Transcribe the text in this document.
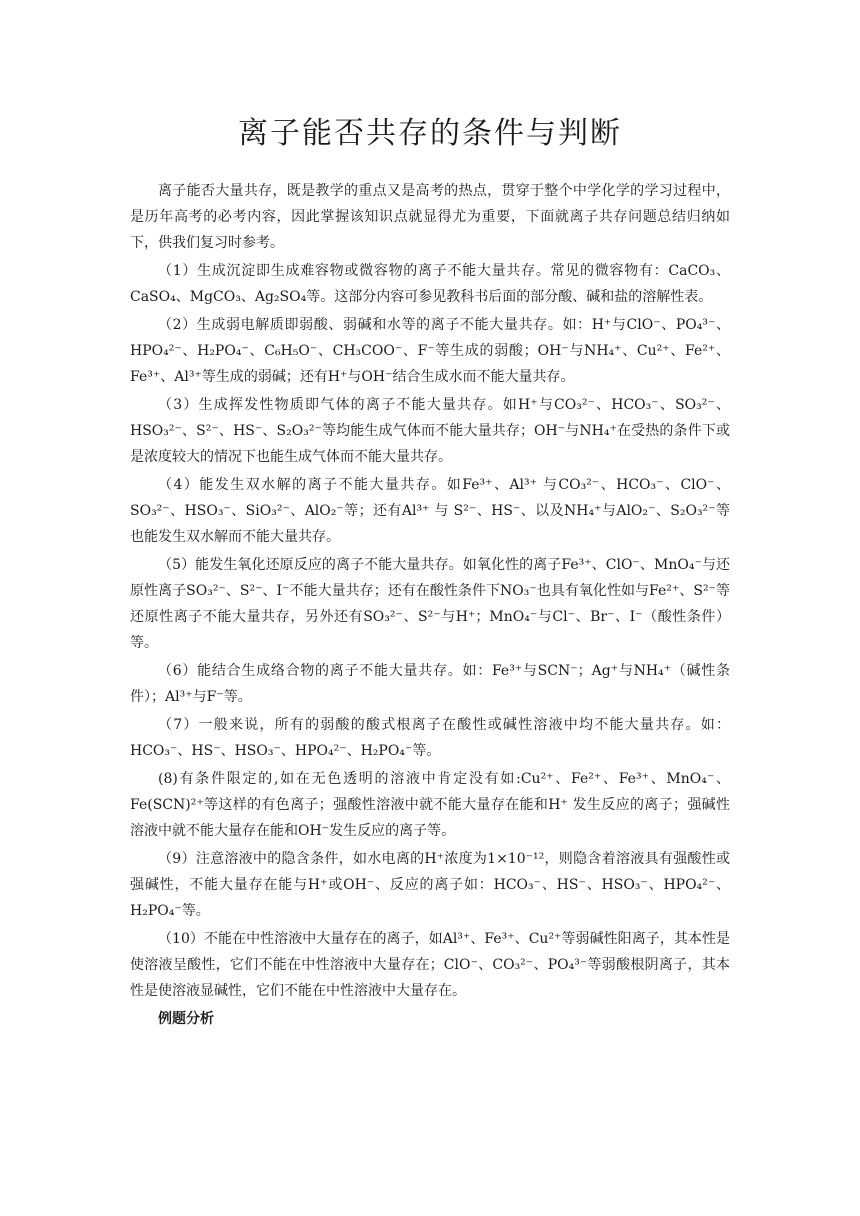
离子能否共存的条件与判断

离子能否大量共存，既是教学的重点又是高考的热点，贯穿于整个中学化学的学习过程中，是历年高考的必考内容，因此掌握该知识点就显得尤为重要，下面就离子共存问题总结归纳如下，供我们复习时参考。

（1）生成沉淀即生成难容物或微容物的离子不能大量共存。常见的微容物有：CaCO₃、CaSO₄、MgCO₃、Ag₂SO₄等。这部分内容可参见教科书后面的部分酸、碱和盐的溶解性表。

（2）生成弱电解质即弱酸、弱碱和水等的离子不能大量共存。如：H⁺与ClO⁻、PO₄³⁻、HPO₄²⁻、H₂PO₄⁻、C₆H₅O⁻、CH₃COO⁻、F⁻等生成的弱酸；OH⁻与NH₄⁺、Cu²⁺、Fe²⁺、Fe³⁺、Al³⁺等生成的弱碱；还有H⁺与OH⁻结合生成水而不能大量共存。

（3）生成挥发性物质即气体的离子不能大量共存。如H⁺与CO₃²⁻、HCO₃⁻、SO₃²⁻、HSO₃²⁻、S²⁻、HS⁻、S₂O₃²⁻等均能生成气体而不能大量共存；OH⁻与NH₄⁺在受热的条件下或是浓度较大的情况下也能生成气体而不能大量共存。

（4）能发生双水解的离子不能大量共存。如Fe³⁺、Al³⁺ 与CO₃²⁻、HCO₃⁻、ClO⁻、SO₃²⁻、HSO₃⁻、SiO₃²⁻、AlO₂⁻等；还有Al³⁺ 与 S²⁻、HS⁻、以及NH₄⁺与AlO₂⁻、S₂O₃²⁻等也能发生双水解而不能大量共存。

（5）能发生氧化还原反应的离子不能大量共存。如氧化性的离子Fe³⁺、ClO⁻、MnO₄⁻与还原性离子SO₃²⁻、S²⁻、I⁻不能大量共存；还有在酸性条件下NO₃⁻也具有氧化性如与Fe²⁺、S²⁻等还原性离子不能大量共存，另外还有SO₃²⁻、S²⁻与H⁺；MnO₄⁻与Cl⁻、Br⁻、I⁻（酸性条件）等。

（6）能结合生成络合物的离子不能大量共存。如：Fe³⁺与SCN⁻；Ag⁺与NH₄⁺（碱性条件）；Al³⁺与F⁻等。

（7）一般来说，所有的弱酸的酸式根离子在酸性或碱性溶液中均不能大量共存。如：HCO₃⁻、HS⁻、HSO₃⁻、HPO₄²⁻、H₂PO₄⁻等。

(8)有条件限定的,如在无色透明的溶液中肯定没有如:Cu²⁺、Fe²⁺、Fe³⁺、MnO₄⁻、Fe(SCN)²⁺等这样的有色离子；强酸性溶液中就不能大量存在能和H⁺ 发生反应的离子；强碱性溶液中就不能大量存在能和OH⁻发生反应的离子等。

（9）注意溶液中的隐含条件，如水电离的H⁺浓度为1×10⁻¹²，则隐含着溶液具有强酸性或强碱性，不能大量存在能与H⁺或OH⁻、反应的离子如：HCO₃⁻、HS⁻、HSO₃⁻、HPO₄²⁻、H₂PO₄⁻等。

（10）不能在中性溶液中大量存在的离子，如Al³⁺、Fe³⁺、Cu²⁺等弱碱性阳离子，其本性是使溶液呈酸性，它们不能在中性溶液中大量存在；ClO⁻、CO₃²⁻、PO₄³⁻等弱酸根阴离子，其本性是使溶液显碱性，它们不能在中性溶液中大量存在。

例题分析
